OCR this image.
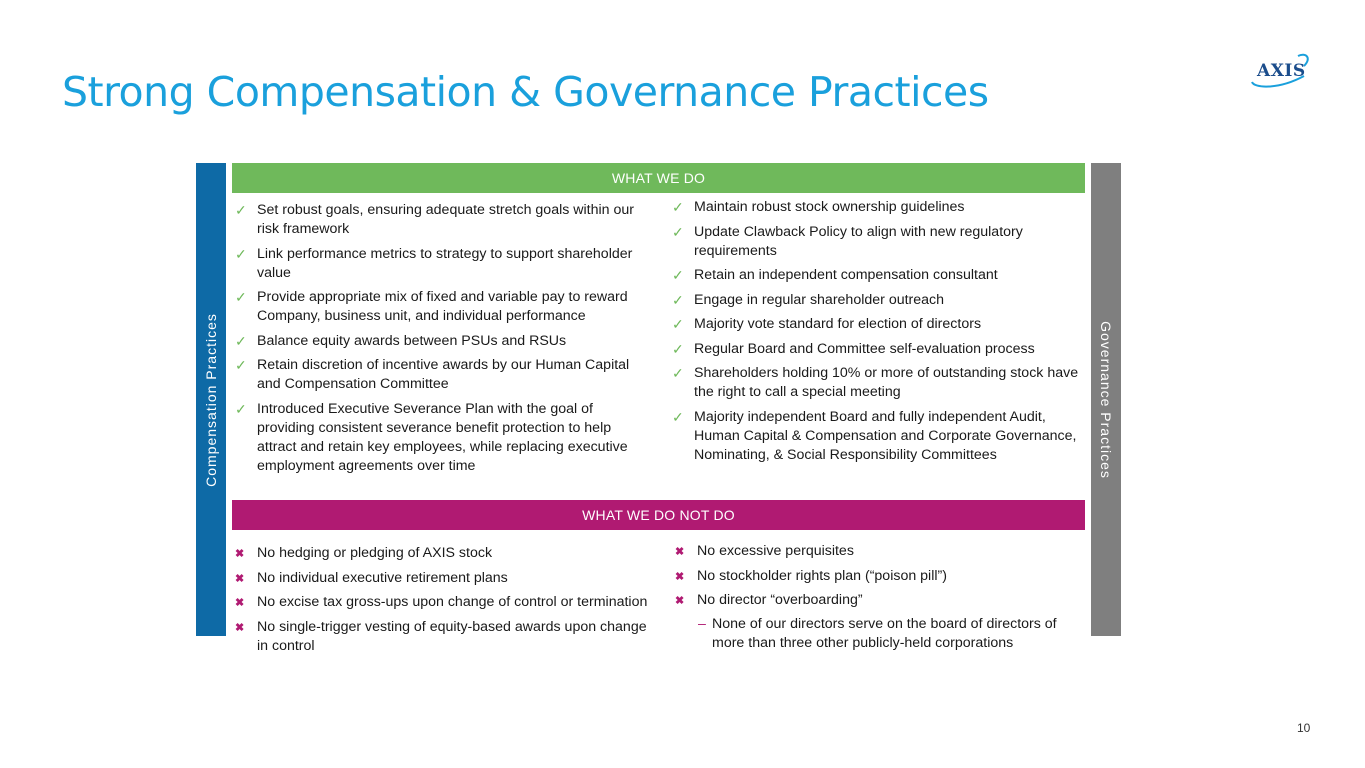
Strong Compensation & Governance Practices	AXIS
Compensation Practices	Governance Practices
WHAT WE DO
✓ Set robust goals, ensuring adequate stretch goals within our risk framework
✓ Link performance metrics to strategy to support shareholder value
✓ Provide appropriate mix of fixed and variable pay to reward Company, business unit, and individual performance
✓ Balance equity awards between PSUs and RSUs
✓ Retain discretion of incentive awards by our Human Capital and Compensation Committee
✓ Introduced Executive Severance Plan with the goal of providing consistent severance benefit protection to help attract and retain key employees, while replacing executive employment agreements over time
✓ Maintain robust stock ownership guidelines
✓ Update Clawback Policy to align with new regulatory requirements
✓ Retain an independent compensation consultant
✓ Engage in regular shareholder outreach
✓ Majority vote standard for election of directors
✓ Regular Board and Committee self-evaluation process
✓ Shareholders holding 10% or more of outstanding stock have the right to call a special meeting
✓ Majority independent Board and fully independent Audit, Human Capital & Compensation and Corporate Governance, Nominating, & Social Responsibility Committees
WHAT WE DO NOT DO
✖ No hedging or pledging of AXIS stock
✖ No individual executive retirement plans
✖ No excise tax gross-ups upon change of control or termination
✖ No single-trigger vesting of equity-based awards upon change in control
✖ No excessive perquisites
✖ No stockholder rights plan (“poison pill”)
✖ No director “overboarding”
– None of our directors serve on the board of directors of more than three other publicly-held corporations
10
